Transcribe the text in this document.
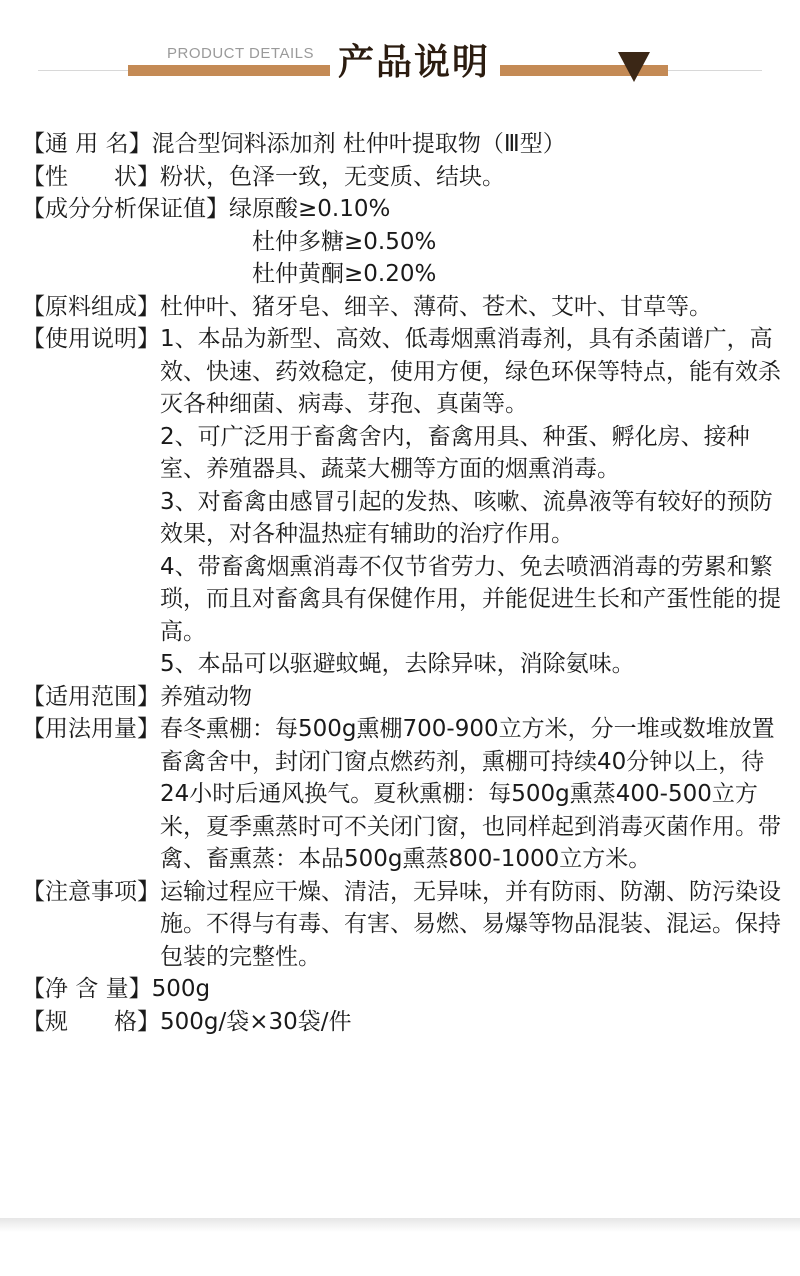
PRODUCT DETAILS 产品说明
【通 用 名】 混合型饲料添加剂 杜仲叶提取物（Ⅲ型）

【性　　状】 粉状，色泽一致，无变质、结块。

【成分分析保证值】 绿原酸≥0.10%

杜仲多糖≥0.50%
杜仲黄酮≥0.20%
【原料组成】 杜仲叶、猪牙皂、细辛、薄荷、苍术、艾叶、甘草等。

【使用说明】 1、本品为新型、高效、低毒烟熏消毒剂，具有杀菌谱广，高效、快速、药效稳定，使用方便，绿色环保等特点，能有效杀灭各种细菌、病毒、芽孢、真菌等。

2、可广泛用于畜禽舍内，畜禽用具、种蛋、孵化房、接种室、养殖器具、蔬菜大棚等方面的烟熏消毒。

3、对畜禽由感冒引起的发热、咳嗽、流鼻液等有较好的预防效果，对各种温热症有辅助的治疗作用。

4、带畜禽烟熏消毒不仅节省劳力、免去喷洒消毒的劳累和繁琐，而且对畜禽具有保健作用，并能促进生长和产蛋性能的提高。

5、本品可以驱避蚊蝇，去除异味，消除氨味。

【适用范围】 养殖动物

【用法用量】 春冬熏棚：每500g熏棚700-900立方米，分一堆或数堆放置畜禽舍中，封闭门窗点燃药剂，熏棚可持续40分钟以上，待24小时后通风换气。夏秋熏棚：每500g熏蒸400-500立方米，夏季熏蒸时可不关闭门窗，也同样起到消毒灭菌作用。带禽、畜熏蒸：本品500g熏蒸800-1000立方米。

【注意事项】 运输过程应干燥、清洁，无异味，并有防雨、防潮、防污染设施。不得与有毒、有害、易燃、易爆等物品混装、混运。保持包装的完整性。

【净 含 量】 500g

【规　　格】 500g/袋×30袋/件
